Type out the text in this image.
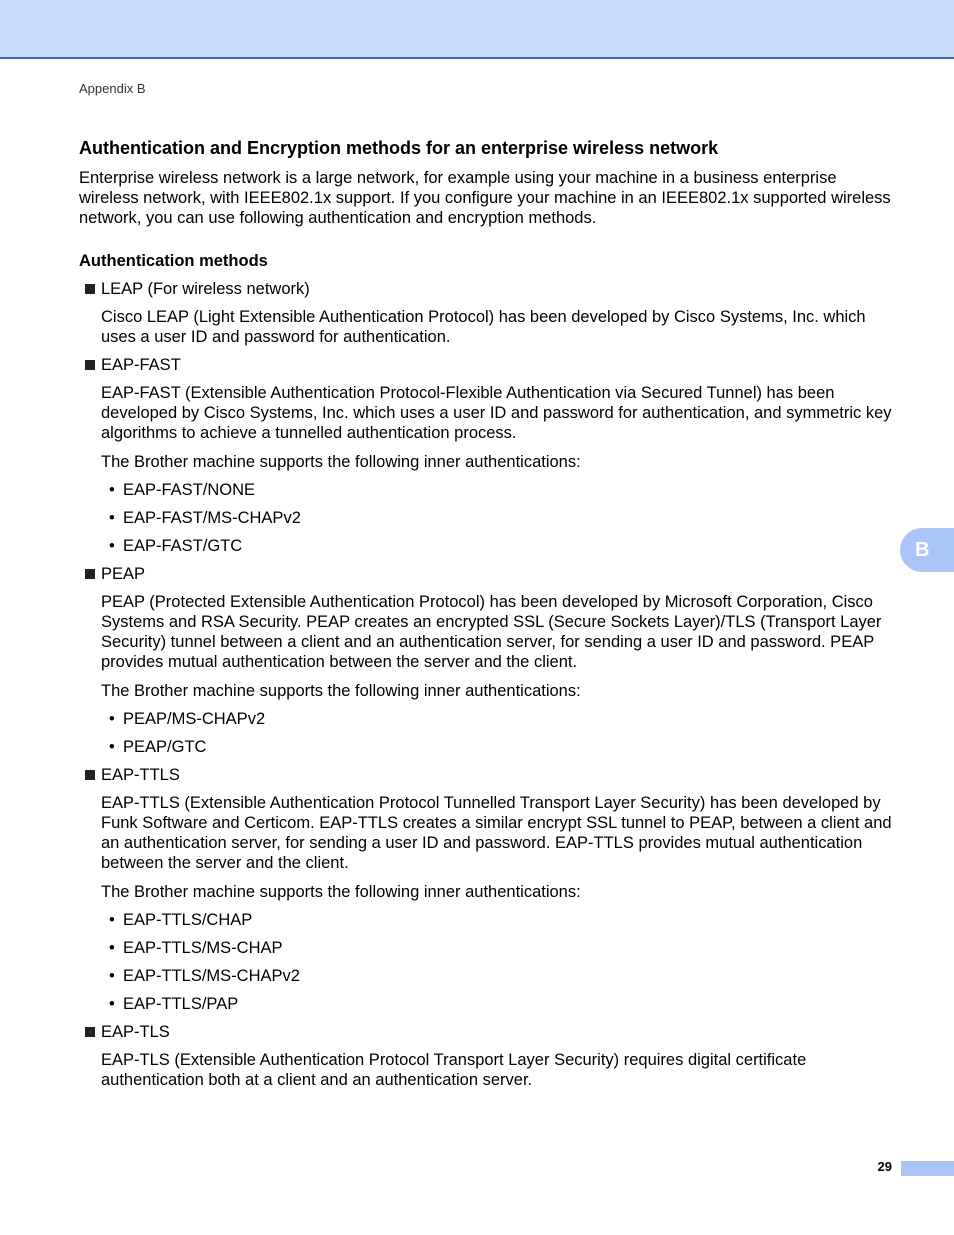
Appendix B
Authentication and Encryption methods for an enterprise wireless network

Enterprise wireless network is a large network, for example using your machine in a business enterprise wireless network, with IEEE802.1x support. If you configure your machine in an IEEE802.1x supported wireless network, you can use following authentication and encryption methods.

Authentication methods
LEAP (For wireless network)

Cisco LEAP (Light Extensible Authentication Protocol) has been developed by Cisco Systems, Inc. which uses a user ID and password for authentication.

EAP-FAST

EAP-FAST (Extensible Authentication Protocol-Flexible Authentication via Secured Tunnel) has been developed by Cisco Systems, Inc. which uses a user ID and password for authentication, and symmetric key algorithms to achieve a tunnelled authentication process.

The Brother machine supports the following inner authentications:

• EAP-FAST/NONE
• EAP-FAST/MS-CHAPv2
• EAP-FAST/GTC
PEAP

PEAP (Protected Extensible Authentication Protocol) has been developed by Microsoft Corporation, Cisco Systems and RSA Security. PEAP creates an encrypted SSL (Secure Sockets Layer)/TLS (Transport Layer Security) tunnel between a client and an authentication server, for sending a user ID and password. PEAP provides mutual authentication between the server and the client.

The Brother machine supports the following inner authentications:

• PEAP/MS-CHAPv2
• PEAP/GTC
EAP-TTLS

EAP-TTLS (Extensible Authentication Protocol Tunnelled Transport Layer Security) has been developed by Funk Software and Certicom. EAP-TTLS creates a similar encrypt SSL tunnel to PEAP, between a client and an authentication server, for sending a user ID and password. EAP-TTLS provides mutual authentication between the server and the client.

The Brother machine supports the following inner authentications:

• EAP-TTLS/CHAP
• EAP-TTLS/MS-CHAP
• EAP-TTLS/MS-CHAPv2
• EAP-TTLS/PAP
EAP-TLS

EAP-TLS (Extensible Authentication Protocol Transport Layer Security) requires digital certificate authentication both at a client and an authentication server.

B
29
